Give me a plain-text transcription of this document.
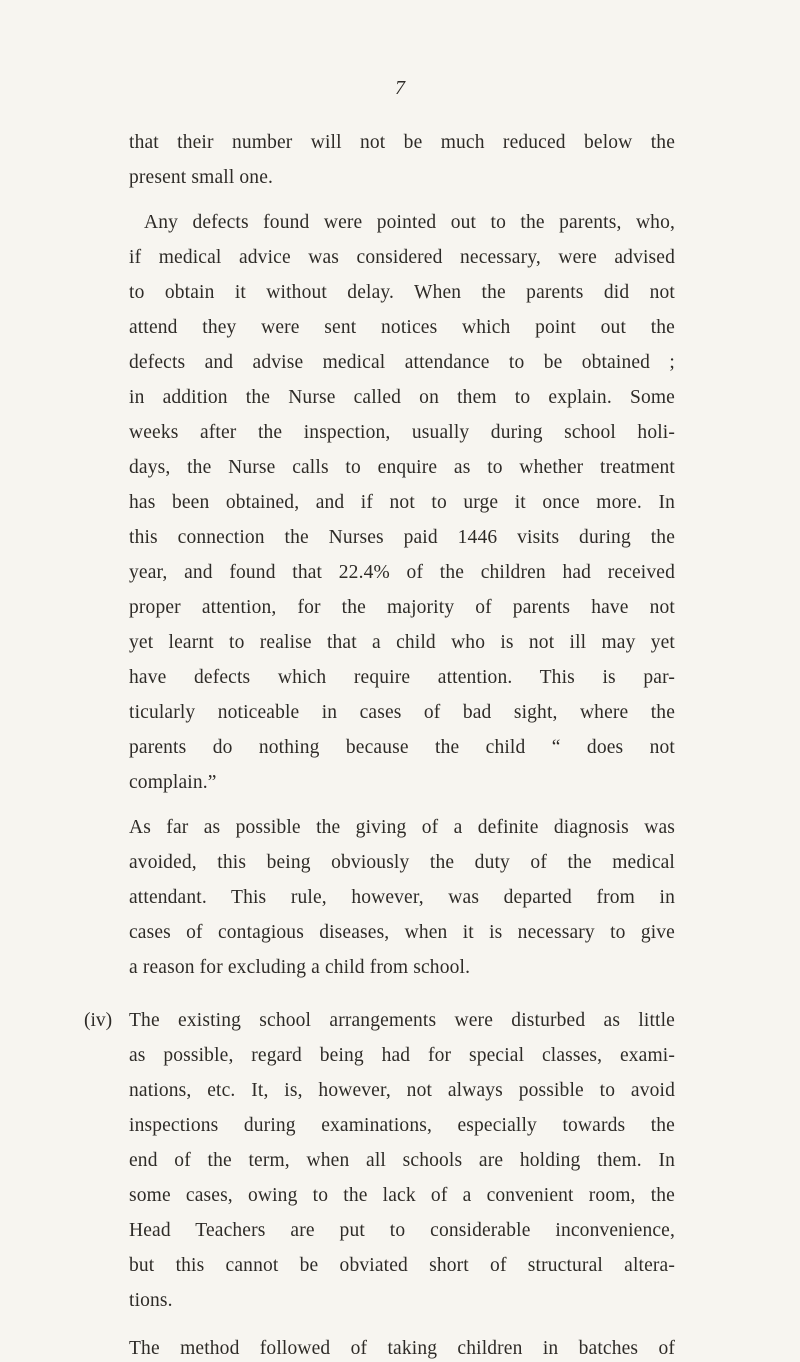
7
that their number will not be much reduced below the
present small one.
Any defects found were pointed out to the parents, who,
if medical advice was considered necessary, were advised
to obtain it without delay. When the parents did not
attend they were sent notices which point out the
defects and advise medical attendance to be obtained ;
in addition the Nurse called on them to explain. Some
weeks after the inspection, usually during school holi-
days, the Nurse calls to enquire as to whether treatment
has been obtained, and if not to urge it once more. In
this connection the Nurses paid 1446 visits during the
year, and found that 22.4% of the children had received
proper attention, for the majority of parents have not
yet learnt to realise that a child who is not ill may yet
have defects which require attention. This is par-
ticularly noticeable in cases of bad sight, where the
parents do nothing because the child “ does not
complain.”
As far as possible the giving of a definite diagnosis was
avoided, this being obviously the duty of the medical
attendant. This rule, however, was departed from in
cases of contagious diseases, when it is necessary to give
a reason for excluding a child from school.
(iv) The existing school arrangements were disturbed as little
as possible, regard being had for special classes, exami-
nations, etc. It, is, however, not always possible to avoid
inspections during examinations, especially towards the
end of the term, when all schools are holding them. In
some cases, owing to the lack of a convenient room, the
Head Teachers are put to considerable inconvenience,
but this cannot be obviated short of structural altera-
tions.
The method followed of taking children in batches of
